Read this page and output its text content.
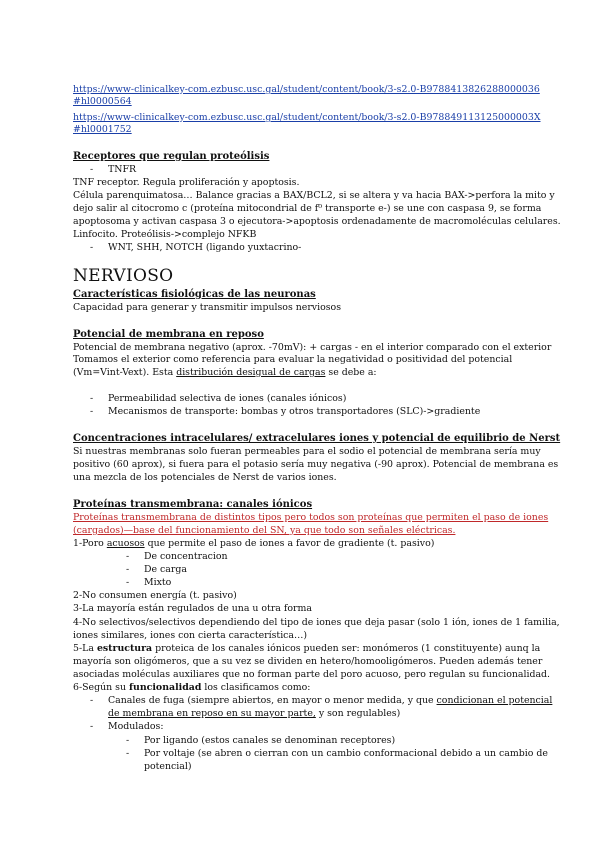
https://www-clinicalkey-com.ezbusc.usc.gal/student/content/book/3-s2.0-B9788413826288000036
#hl0000564
https://www-clinicalkey-com.ezbusc.usc.gal/student/content/book/3-s2.0-B978849113125000003X
#hl0001752
Receptores que regulan proteólisis
- TNFR
TNF receptor. Regula proliferación y apoptosis.
Célula parenquimatosa… Balance gracias a BAX/BCL2, si se altera y va hacia BAX->perfora la mito y
dejo salir al citocromo c (proteína mitocondrial de f⁰ transporte e-) se une con caspasa 9, se forma
apoptosoma y activan caspasa 3 o ejecutora->apoptosis ordenadamente de macromoléculas celulares.
Linfocito. Proteólisis->complejo NFKB
- WNT, SHH, NOTCH (ligando yuxtacrino-
NERVIOSO
Características fisiológicas de las neuronas
Capacidad para generar y transmitir impulsos nerviosos
Potencial de membrana en reposo
Potencial de membrana negativo (aprox. -70mV): + cargas - en el interior comparado con el exterior
Tomamos el exterior como referencia para evaluar la negatividad o positividad del potencial
(Vm=Vint-Vext). Esta distribución desigual de cargas se debe a:
- Permeabilidad selectiva de iones (canales iónicos)
- Mecanismos de transporte: bombas y otros transportadores (SLC)->gradiente
Concentraciones intracelulares/ extracelulares iones y potencial de equilibrio de Nerst
Si nuestras membranas solo fueran permeables para el sodio el potencial de membrana sería muy
positivo (60 aprox), si fuera para el potasio sería muy negativa (-90 aprox). Potencial de membrana es
una mezcla de los potenciales de Nerst de varios iones.
Proteínas transmembrana: canales iónicos
Proteínas transmembrana de distintos tipos pero todos son proteínas que permiten el paso de iones
(cargados)—base del funcionamiento del SN, ya que todo son señales eléctricas.
1-Poro acuosos que permite el paso de iones a favor de gradiente (t. pasivo)
- De concentracion
- De carga
- Mixto
2-No consumen energía (t. pasivo)
3-La mayoría están regulados de una u otra forma
4-No selectivos/selectivos dependiendo del tipo de iones que deja pasar (solo 1 ión, iones de 1 familia,
iones similares, iones con cierta característica…)
5-La estructura proteica de los canales iónicos pueden ser: monómeros (1 constituyente) aunq la
mayoría son oligómeros, que a su vez se dividen en hetero/homooligómeros. Pueden además tener
asociadas moléculas auxiliares que no forman parte del poro acuoso, pero regulan su funcionalidad.
6-Según su funcionalidad los clasificamos como:
- Canales de fuga (siempre abiertos, en mayor o menor medida, y que condicionan el potencial
de membrana en reposo en su mayor parte, y son regulables)
- Modulados:
- Por ligando (estos canales se denominan receptores)
- Por voltaje (se abren o cierran con un cambio conformacional debido a un cambio de
potencial)
